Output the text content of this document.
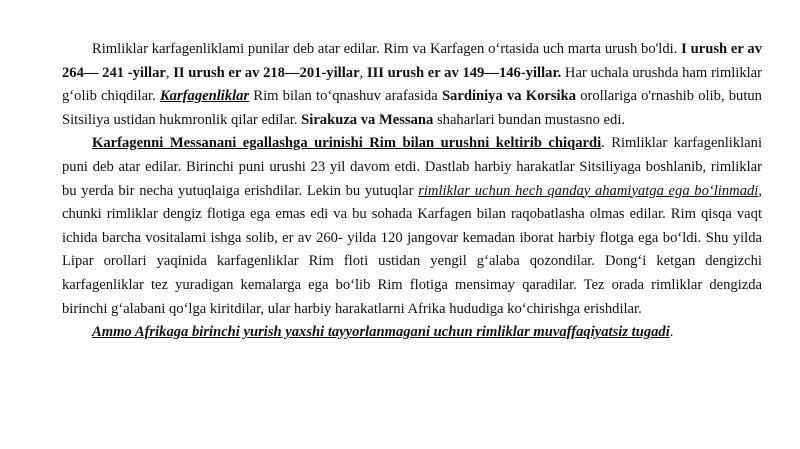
Rimliklar karfagenliklami punilar deb atar edilar. Rim va Karfagen o‘rtasida uch marta urush bo'ldi. I urush er av 264— 241 -yillar, II urush er av 218—201-yillar, III urush er av 149—146-yillar. Har uchala urushda ham rimliklar g‘olib chiqdilar. Karfagenliklar Rim bilan to‘qnashuv arafasida Sardiniya va Korsika orollariga o'rnashib olib, butun Sitsiliya ustidan hukmronlik qilar edilar. Sirakuza va Messana shaharlari bundan mustasno edi.

Karfagenni Messanani egallashga urinishi Rim bilan urushni keltirib chiqardi. Rimliklar karfagenliklani puni deb atar edilar. Birinchi puni urushi 23 yil davom etdi. Dastlab harbiy harakatlar Sitsiliyaga boshlanib, rimliklar bu yerda bir necha yutuqlaiga erishdilar. Lekin bu yutuqlar rimliklar uchun hech qanday ahamiyatga ega bo‘linmadi, chunki rimliklar dengiz flotiga ega emas edi va bu sohada Karfagen bilan raqobatlasha olmas edilar. Rim qisqa vaqt ichida barcha vositalami ishga solib, er av 260- yilda 120 jangovar kemadan iborat harbiy flotga ega bo‘ldi. Shu yilda Lipar orollari yaqinida karfagenliklar Rim floti ustidan yengil g‘alaba qozondilar. Dong‘i ketgan dengizchi karfagenliklar tez yuradigan kemalarga ega bo‘lib Rim flotiga mensimay qaradilar. Tez orada rimliklar dengizda birinchi g‘alabani qo‘lga kiritdilar, ular harbiy harakatlarni Afrika hududiga ko‘chirishga erishdilar.

Ammo Afrikaga birinchi yurish yaxshi tayyorlanmagani uchun rimliklar muvaffaqiyatsiz tugadi.
